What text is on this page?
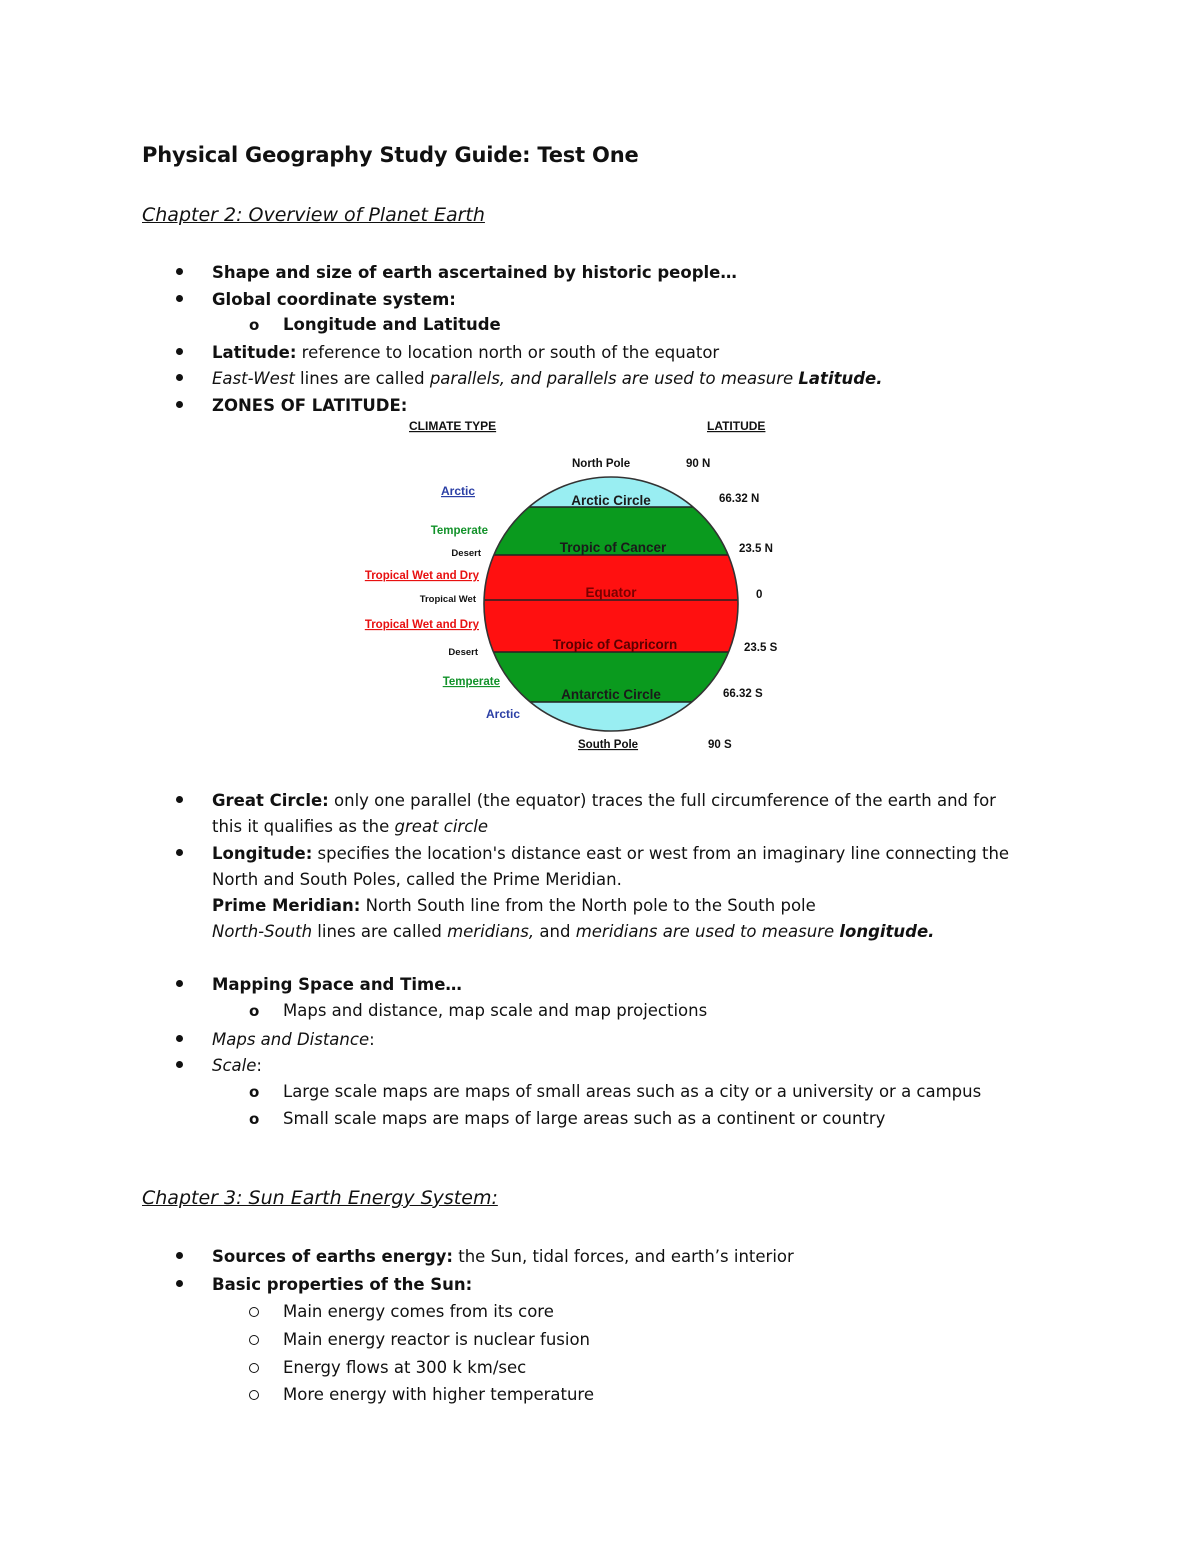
Physical Geography Study Guide: Test One
Chapter 2: Overview of Planet Earth
Shape and size of earth ascertained by historic people…
Global coordinate system:
o Longitude and Latitude
Latitude: reference to location north or south of the equator
East-West lines are called parallels, and parallels are used to measure Latitude.
ZONES OF LATITUDE:
CLIMATE TYPE	LATITUDE
North Pole
South Pole
Arctic Circle
Tropic of Cancer
Equator
Tropic of Capricorn
Antarctic Circle
90 N
66.32 N
23.5 N
0
23.5 S
66.32 S
90 S
Arctic
Temperate
Desert
Tropical Wet and Dry
Tropical Wet
Tropical Wet and Dry
Desert
Temperate
Arctic
Great Circle: only one parallel (the equator) traces the full circumference of the earth and for
this it qualifies as the great circle
Longitude: specifies the location's distance east or west from an imaginary line connecting the
North and South Poles, called the Prime Meridian.
Prime Meridian: North South line from the North pole to the South pole
North-South lines are called meridians, and meridians are used to measure longitude.
Mapping Space and Time…
o Maps and distance, map scale and map projections
Maps and Distance:
Scale:
o Large scale maps are maps of small areas such as a city or a university or a campus
o Small scale maps are maps of large areas such as a continent or country
Chapter 3: Sun Earth Energy System:
Sources of earths energy: the Sun, tidal forces, and earth’s interior
Basic properties of the Sun:
Main energy comes from its core
Main energy reactor is nuclear fusion
Energy flows at 300 k km/sec
More energy with higher temperature
